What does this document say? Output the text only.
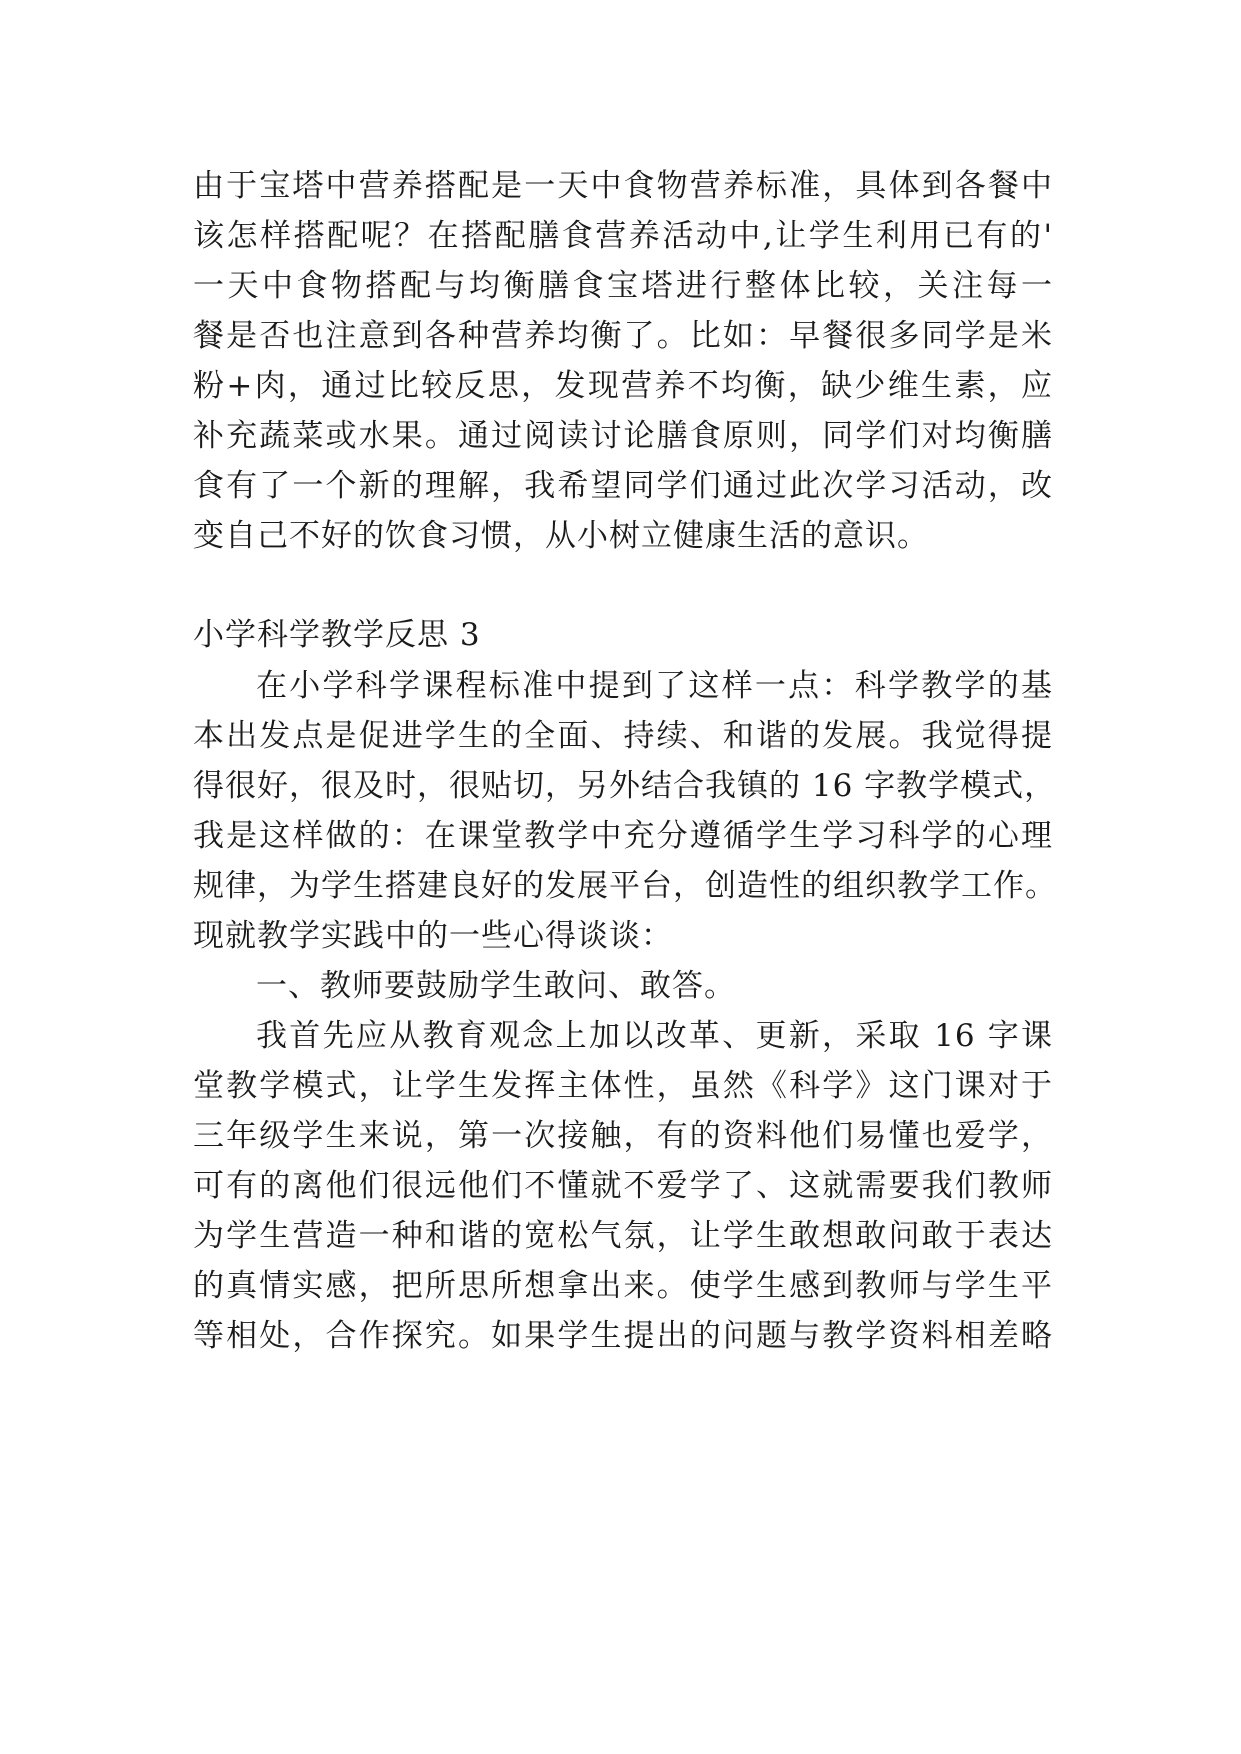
由于宝塔中营养搭配是一天中食物营养标准，具体到各餐中
该怎样搭配呢？在搭配膳食营养活动中,让学生利用已有的'
一天中食物搭配与均衡膳食宝塔进行整体比较，关注每一
餐是否也注意到各种营养均衡了。比如：早餐很多同学是米
粉+肉，通过比较反思，发现营养不均衡，缺少维生素，应
补充蔬菜或水果。通过阅读讨论膳食原则，同学们对均衡膳
食有了一个新的理解，我希望同学们通过此次学习活动，改
变自己不好的饮食习惯，从小树立健康生活的意识。
小学科学教学反思 3
在小学科学课程标准中提到了这样一点：科学教学的基
本出发点是促进学生的全面、持续、和谐的发展。我觉得提
得很好，很及时，很贴切，另外结合我镇的 16 字教学模式，
我是这样做的：在课堂教学中充分遵循学生学习科学的心理
规律，为学生搭建良好的发展平台，创造性的组织教学工作。
现就教学实践中的一些心得谈谈：
一、教师要鼓励学生敢问、敢答。
我首先应从教育观念上加以改革、更新，采取 16 字课
堂教学模式，让学生发挥主体性，虽然《科学》这门课对于
三年级学生来说，第一次接触，有的资料他们易懂也爱学，
可有的离他们很远他们不懂就不爱学了、这就需要我们教师
为学生营造一种和谐的宽松气氛，让学生敢想敢问敢于表达
的真情实感，把所思所想拿出来。使学生感到教师与学生平
等相处，合作探究。如果学生提出的问题与教学资料相差略
